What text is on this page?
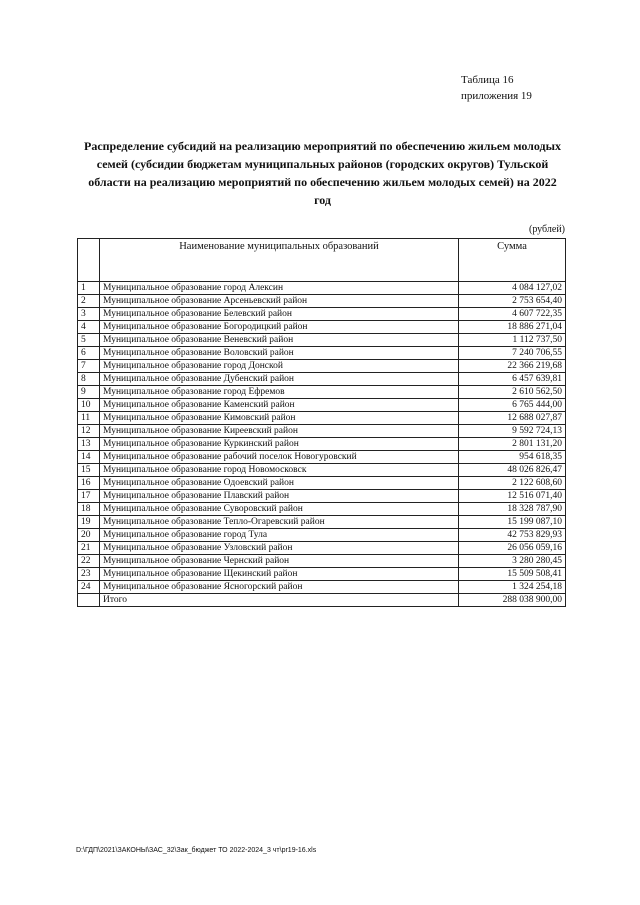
Таблица 16
приложения 19
Распределение субсидий на реализацию мероприятий по обеспечению жильем молодых семей (субсидии бюджетам муниципальных районов (городских округов) Тульской области на реализацию мероприятий по обеспечению жильем молодых семей) на 2022 год
(рублей)
	Наименование муниципальных образований	Сумма
1	Муниципальное образование город Алексин	4 084 127,02
2	Муниципальное образование Арсеньевский район	2 753 654,40
3	Муниципальное образование Белевский район	4 607 722,35
4	Муниципальное образование Богородицкий район	18 886 271,04
5	Муниципальное образование Веневский район	1 112 737,50
6	Муниципальное образование Воловский район	7 240 706,55
7	Муниципальное образование город Донской	22 366 219,68
8	Муниципальное образование Дубенский район	6 457 639,81
9	Муниципальное образование город Ефремов	2 610 562,50
10	Муниципальное образование Каменский район	6 765 444,00
11	Муниципальное образование Кимовский район	12 688 027,87
12	Муниципальное образование Киреевский район	9 592 724,13
13	Муниципальное образование Куркинский район	2 801 131,20
14	Муниципальное образование рабочий поселок Новогуровский	954 618,35
15	Муниципальное образование город Новомосковск	48 026 826,47
16	Муниципальное образование Одоевский район	2 122 608,60
17	Муниципальное образование Плавский район	12 516 071,40
18	Муниципальное образование Суворовский район	18 328 787,90
19	Муниципальное образование Тепло-Огаревский район	15 199 087,10
20	Муниципальное образование город Тула	42 753 829,93
21	Муниципальное образование Узловский район	26 056 059,16
22	Муниципальное образование Чернский район	3 280 280,45
23	Муниципальное образование Щекинский район	15 509 508,41
24	Муниципальное образование Ясногорский район	1 324 254,18
	Итого	288 038 900,00
D:\ГДП\2021\ЗАКОНЫ\ЗАС_32\Зак_бюджет ТО 2022-2024_3 чт\pr19-16.xls
